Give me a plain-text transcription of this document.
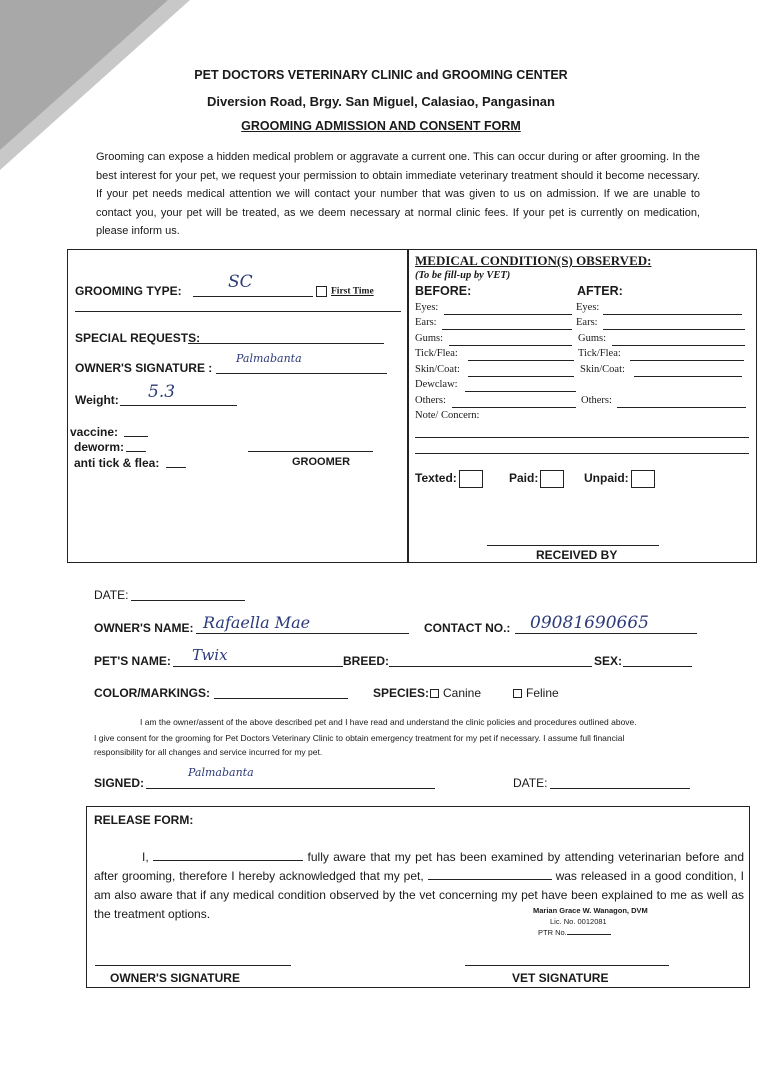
PET DOCTORS VETERINARY CLINIC and GROOMING CENTER
Diversion Road, Brgy. San Miguel, Calasiao, Pangasinan
GROOMING ADMISSION AND CONSENT FORM
Grooming can expose a hidden medical problem or aggravate a current one. This can occur during or after grooming. In the best interest for your pet, we request your permission to obtain immediate veterinary treatment should it become necessary. If your pet needs medical attention we will contact your number that was given to us on admission. If we are unable to contact you, your pet will be treated, as we deem necessary at normal clinic fees. If your pet is currently on medication, please inform us.
GROOMING TYPE:	SC	First Time
SPECIAL REQUESTS:
OWNER'S SIGNATURE :
Palmabanta
Weight: 5.3
vaccine:
deworm:
anti tick & flea:	GROOMER
MEDICAL CONDITION(S) OBSERVED:
(To be fill-up by VET)
BEFORE:	AFTER:
Eyes:	Eyes:
Ears:	Ears:
Gums:	Gums:
Tick/Flea:	Tick/Flea:
Skin/Coat:	Skin/Coat:
Dewclaw:
Others:	Others:
Note/ Concern:
Texted:	Paid:	Unpaid:
RECEIVED BY
DATE:
OWNER'S NAME: Rafaella Mae	CONTACT NO.: 09081690665
PET'S NAME: Twix	BREED:	SEX:
COLOR/MARKINGS:	SPECIES:	Canine	Feline
I am the owner/assent of the above described pet and I have read and understand the clinic policies and procedures outlined above.
I give consent for the grooming for Pet Doctors Veterinary Clinic to obtain emergency treatment for my pet if necessary. I assume full financial
responsibility for all changes and service incurred for my pet.
SIGNED:
Palmabanta
DATE:
RELEASE FORM:
I,	fully aware that my pet has been examined by attending veterinarian before and after grooming, therefore I hereby acknowledged that my pet,	was released in a good condition, I am also aware that if any medical condition observed by the vet concerning my pet have been explained to me as well as the treatment options.	Marian Grace W. Wanagon, DVM
Lic. No. 0012081
PTR No.
OWNER'S SIGNATURE	VET SIGNATURE
